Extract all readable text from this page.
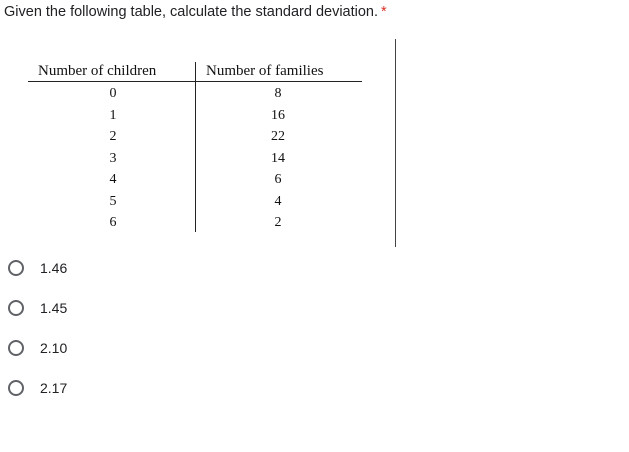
Given the following table, calculate the standard deviation. *
Number of children	Number of families
0
1
2
3
4
5
6
8
16
22
14
6
4
2
1.46
1.45
2.10
2.17
